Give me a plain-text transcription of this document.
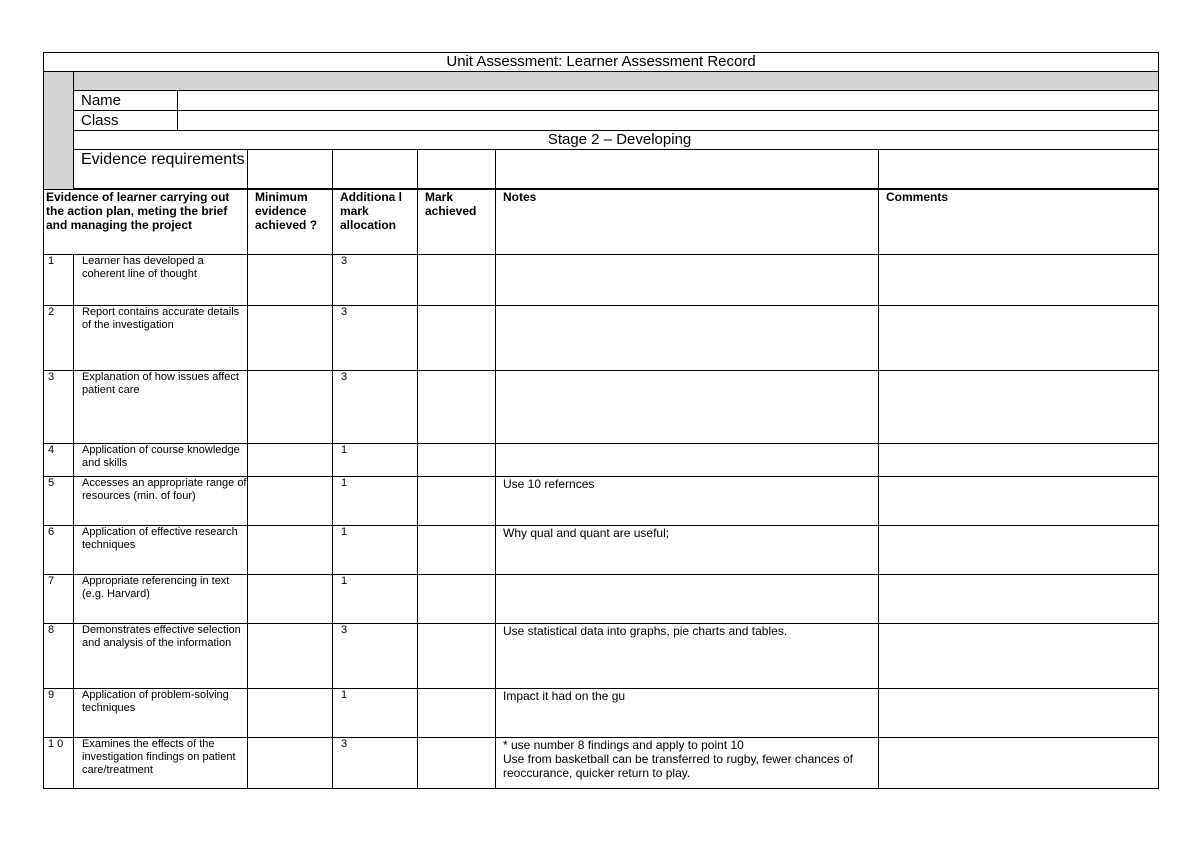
Unit Assessment: Learner Assessment Record							

	Name						
	Class						
	Stage 2 – Developing						
	Evidence requirements						

Evidence of learner carrying out the action plan, meting the brief and managing the project			Minimum evidence achieved ?	Additiona l mark allocation	Mark achieved	Notes	Comments
1	Learner has developed a coherent line of thought			3			
2	Report contains accurate details of the investigation			3			
3	Explanation of how issues affect patient care			3			
4	Application of course knowledge and skills			1			
5	Accesses an appropriate range of resources (min. of four)			1		Use 10 refernces	

6	Application of effective research techniques			1		Why qual and quant are useful;	

7	Appropriate referencing in text (e.g. Harvard)			1			
8	Demonstrates effective selection and analysis of the information			3		Use statistical data into graphs, pie charts and tables.	

9	Application of problem-solving techniques			1		Impact it had on the gu	

1 0	Examines the effects of the investigation findings on patient care/treatment			3		* use number 8 findings and apply to point 10
Use from basketball can be transferred to rugby, fewer chances of reoccurance, quicker return to play.	
